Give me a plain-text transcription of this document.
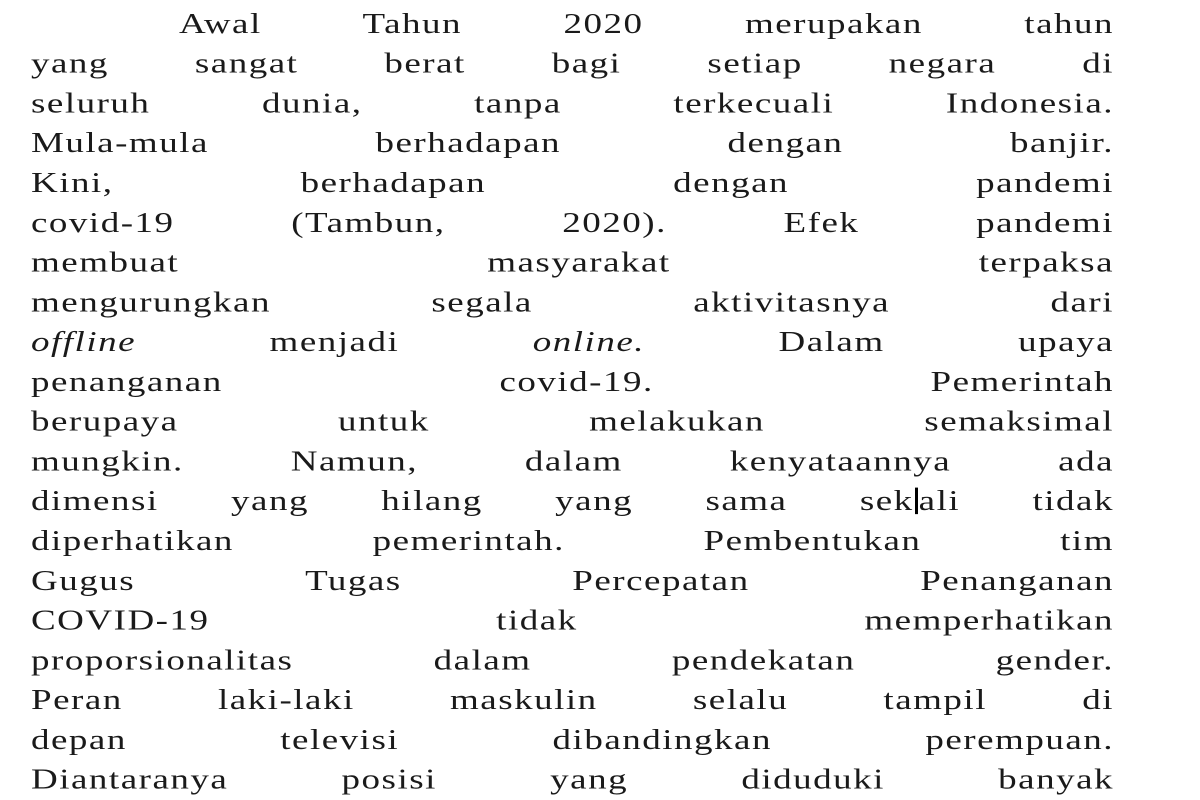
Awal Tahun 2020 merupakan tahun
yang sangat berat bagi setiap negara di
seluruh dunia, tanpa terkecuali Indonesia.
Mula-mula berhadapan dengan banjir.
Kini, berhadapan dengan pandemi
covid-19 (Tambun, 2020). Efek pandemi
membuat masyarakat terpaksa
mengurungkan segala aktivitasnya dari
offline menjadi online. Dalam upaya
penanganan covid-19. Pemerintah
berupaya untuk melakukan semaksimal
mungkin. Namun, dalam kenyataannya ada
dimensi yang hilang yang sama sek ali tidak
diperhatikan pemerintah. Pembentukan tim
Gugus Tugas Percepatan Penanganan
COVID-19 tidak memperhatikan
proporsionalitas dalam pendekatan gender.
Peran laki-laki maskulin selalu tampil di
depan televisi dibandingkan perempuan.
Diantaranya posisi yang diduduki banyak
